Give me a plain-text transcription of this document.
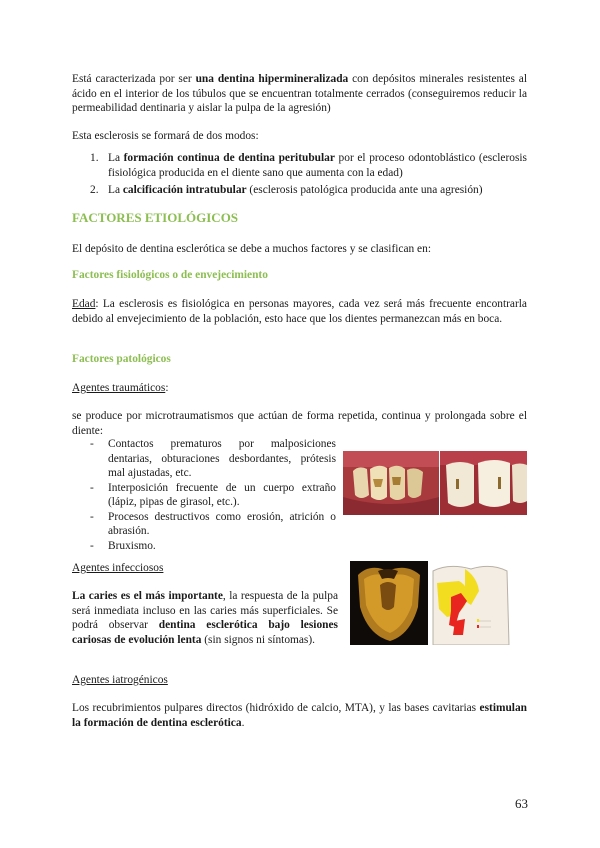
Está caracterizada por ser una dentina hipermineralizada con depósitos minerales resistentes al ácido en el interior de los túbulos que se encuentran totalmente cerrados (conseguiremos reducir la permeabilidad dentinaria y aislar la pulpa de la agresión)
Esta esclerosis se formará de dos modos:
1. La formación continua de dentina peritubular por el proceso odontoblástico (esclerosis fisiológica producida en el diente sano que aumenta con la edad)
2. La calcificación intratubular (esclerosis patológica producida ante una agresión)
FACTORES ETIOLÓGICOS
El depósito de dentina esclerótica se debe a muchos factores y se clasifican en:
Factores fisiológicos o de envejecimiento
Edad: La esclerosis es fisiológica en personas mayores, cada vez será más frecuente encontrarla debido al envejecimiento de la población, esto hace que los dientes permanezcan más en boca.
Factores patológicos
Agentes traumáticos:
se produce por microtraumatismos que actúan de forma repetida, continua y prolongada sobre el diente:
- Contactos prematuros por malposiciones dentarias, obturaciones desbordantes, prótesis mal ajustadas, etc.
- Interposición frecuente de un cuerpo extraño (lápiz, pipas de girasol, etc.).
- Procesos destructivos como erosión, atrición o abrasión.
- Bruxismo.
Agentes infecciosos
La caries es el más importante, la respuesta de la pulpa será inmediata incluso en las caries más superficiales. Se podrá observar dentina esclerótica bajo lesiones cariosas de evolución lenta (sin signos ni síntomas).
Agentes iatrogénicos
Los recubrimientos pulpares directos (hidróxido de calcio, MTA), y las bases cavitarias estimulan la formación de dentina esclerótica.
63
